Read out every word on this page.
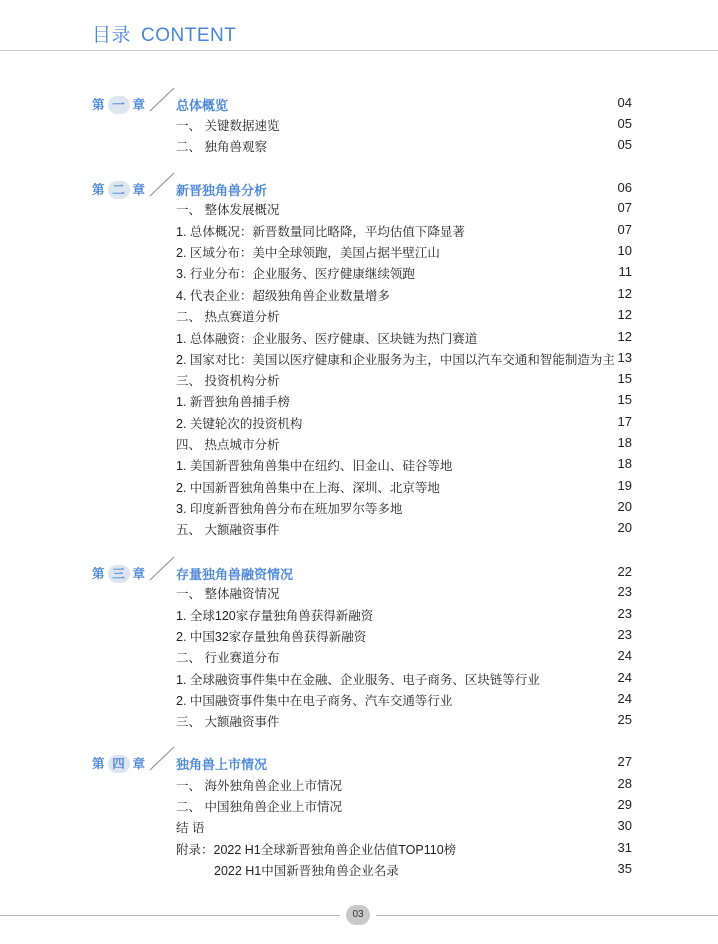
目录 CONTENT
第 一 章 总体概览	04
一、 关键数据速览	05
二、 独角兽观察	05
第 二 章 新晋独角兽分析	06
一、 整体发展概况	07
1. 总体概况：新晋数量同比略降，平均估值下降显著	07
2. 区域分布：美中全球领跑，美国占据半壁江山	10
3. 行业分布：企业服务、医疗健康继续领跑	11
4. 代表企业：超级独角兽企业数量增多	12
二、 热点赛道分析	12
1. 总体融资：企业服务、医疗健康、区块链为热门赛道	12
2. 国家对比：美国以医疗健康和企业服务为主，中国以汽车交通和智能制造为主 13
三、 投资机构分析	15
1. 新晋独角兽捕手榜	15
2. 关键轮次的投资机构	17
四、 热点城市分析	18
1. 美国新晋独角兽集中在纽约、旧金山、硅谷等地	18
2. 中国新晋独角兽集中在上海、深圳、北京等地	19
3. 印度新晋独角兽分布在班加罗尔等多地	20
五、 大额融资事件	20
第 三 章 存量独角兽融资情况	22
一、 整体融资情况	23
1. 全球120家存量独角兽获得新融资	23
2. 中国32家存量独角兽获得新融资	23
二、 行业赛道分布	24
1. 全球融资事件集中在金融、企业服务、电子商务、区块链等行业	24
2. 中国融资事件集中在电子商务、汽车交通等行业	24
三、 大额融资事件	25
第 四 章 独角兽上市情况	27
一、 海外独角兽企业上市情况	28
二、 中国独角兽企业上市情况	29
结 语	30
附录：2022 H1全球新晋独角兽企业估值TOP110榜	31
2022 H1中国新晋独角兽企业名录	35
03
